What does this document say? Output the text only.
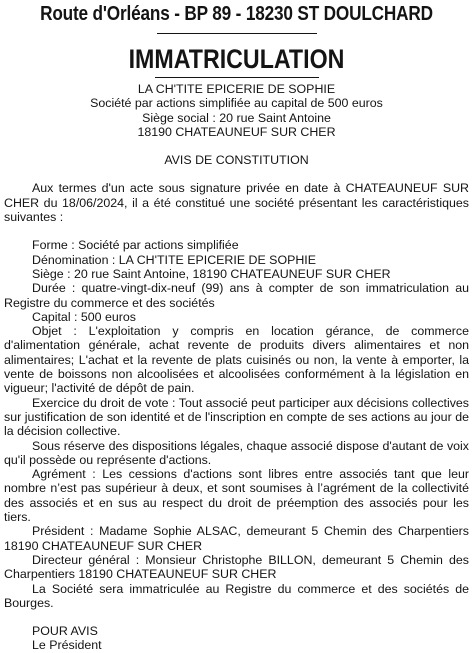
Route d'Orléans - BP 89 - 18230 ST DOULCHARD
IMMATRICULATION
LA CH'TITE EPICERIE DE SOPHIE
Société par actions simplifiée au capital de 500 euros
Siège social : 20 rue Saint Antoine
18190 CHATEAUNEUF SUR CHER
AVIS DE CONSTITUTION

Aux termes d'un acte sous signature privée en date à CHATEAUNEUF SUR CHER du 18/06/2024, il a été constitué une société présentant les caractéristiques suivantes :

Forme : Société par actions simplifiée

Dénomination : LA CH'TITE EPICERIE DE SOPHIE

Siège : 20 rue Saint Antoine, 18190 CHATEAUNEUF SUR CHER

Durée : quatre-vingt-dix-neuf (99) ans à compter de son immatriculation au Registre du commerce et des sociétés

Capital : 500 euros

Objet : L'exploitation y compris en location gérance, de commerce d'alimentation générale, achat revente de produits divers alimentaires et non alimentaires; L'achat et la revente de plats cuisinés ou non, la vente à emporter, la vente de boissons non alcoolisées et alcoolisées conformément à la législation en vigueur; l'activité de dépôt de pain.

Exercice du droit de vote : Tout associé peut participer aux décisions collectives sur justification de son identité et de l'inscription en compte de ses actions au jour de la décision collective.

Sous réserve des dispositions légales, chaque associé dispose d'autant de voix qu'il possède ou représente d'actions.

Agrément : Les cessions d'actions sont libres entre associés tant que leur nombre n’est pas supérieur à deux, et sont soumises à l’agrément de la collectivité des associés et en sus au respect du droit de préemption des associés pour les tiers.

Président : Madame Sophie ALSAC, demeurant 5 Chemin des Charpentiers 18190 CHATEAUNEUF SUR CHER

Directeur général : Monsieur Christophe BILLON, demeurant 5 Chemin des Charpentiers 18190 CHATEAUNEUF SUR CHER

La Société sera immatriculée au Registre du commerce et des sociétés de Bourges.

POUR AVIS

Le Président
